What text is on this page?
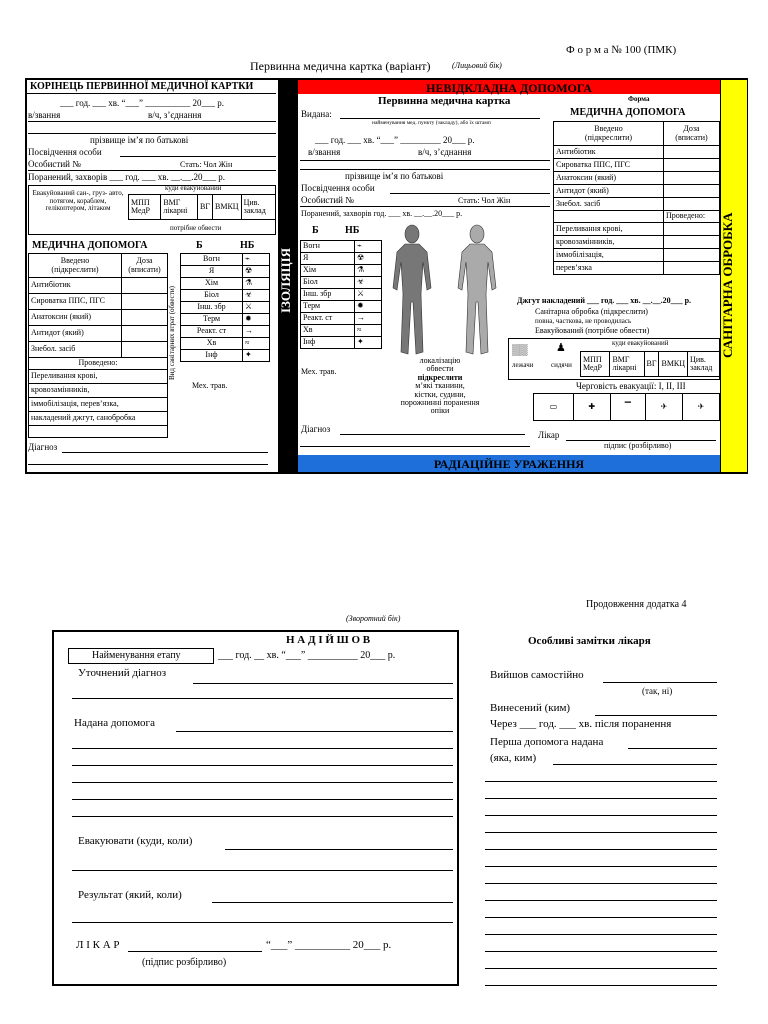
Ф о р м а № 100 (ПМК)
Первинна медична картка (варіант)	(Лицьовий бік)
КОРІНЕЦЬ ПЕРВИННОЇ МЕДИЧНОЇ КАРТКИ
___ год. ___ хв. “___” __________ 20___ р.
в/звання	в/ч, з’єднання
прізвище ім’я по батькові
Посвідчення особи
Особистий №	Стать: Чол Жін
Поранений, захворів ___ год. ___ хв. __.__.20___ р.
Евакуйований сан-, груз- авто, потягом, кораблем, гелікоптером, літаком
куди евакуйований
МПП МедР	ВМГ лікарні	ВГ	ВМКЦ	Цив. заклад
потрібне обвести
МЕДИЧНА ДОПОМОГА	Б	НБ
Введено
(підкреслити)	Доза
(вписати)
Антибіотик	
Сироватка ППС, ПГС	
Анатоксин (який)	
Антидот (який)	
Знебол. засіб	
Проведено:	
Переливання крові,	
кровозамінників,	
іммобілізація, перев’язка,	
накладений джгут, санобробка	

Вид санітарних втрат (обвести)
Вогн	⌁
Я	☢
Хім	⚗
Біол	☣
Інш. збр	⚔
Терм	✹
Реакт. ст	→
Хв	≈
Інф	✦
Мех. трав.
Діагноз
ІЗОЛЯЦІЯ
НЕВІДКЛАДНА ДОПОМОГА
РАДІАЦІЙНЕ УРАЖЕННЯ
САНІТАРНА ОБРОБКА
Видана:
Первинна медична картка
найменування мед. пункту (закладу), або їх штамп
___ год. ___ хв. “___” _________ 20___ р.
в/звання	в/ч, з’єднання
прізвище ім’я по батькові
Посвідчення особи
Особистий №	Стать: Чол Жін
Поранений, захворів год. ___ хв. __.__.20___ р.
Б	НБ
Вогн	⌁
Я	☢
Хім	⚗
Біол	☣
Інш. збр	⚔
Терм	✹
Реакт. ст	→
Хв	≈
Інф	✦
Мех. трав.
локалізацію
обвести
підкреслити
м’які тканини,
кістки, судини,
порожнинні поранення
опіки
Діагноз
Лікар
підпис (розбірливо)
Форма
МЕДИЧНА ДОПОМОГА
Введено
(підкреслити)	Доза
(вписати)
Антибіотик	
Сироватка ППС, ПГС	
Анатоксин (який)	
Антидот (який)	
Знебол. засіб	
	Проведено:
Переливання крові,	
кровозамінників,	
іммобілізація,	
перев’язка	
Джгут накладений ___ год. ___ хв. __.__.20___ р.
Санітарна обробка (підкреслити)
повна, часткова, не проводилась
Евакуйований (потрібне обвести)
куди евакуйований
▒▒
лежачи
♟
сидячи
МПП МедР	ВМГ лікарні	ВГ	ВМКЦ	Цив. заклад
Черговість евакуації: І, ІІ, ІІІ
▭	✚	▔	✈	✈
Продовження додатка 4
(Зворотний бік)
Н А Д І Й Ш О В
Найменування етапу	___ год. __ хв. “___” __________ 20___ р.
Уточнений діагноз
Надана допомога
Евакуювати (куди, коли)
Результат (який, коли)
Л І К А Р	“___” __________ 20___ р.
(підпис розбірливо)
Особливі замітки лікаря
Вийшов самостійно
(так, ні)
Винесений (ким)
Через ___ год. ___ хв. після поранення
Перша допомога надана
(яка, ким)
